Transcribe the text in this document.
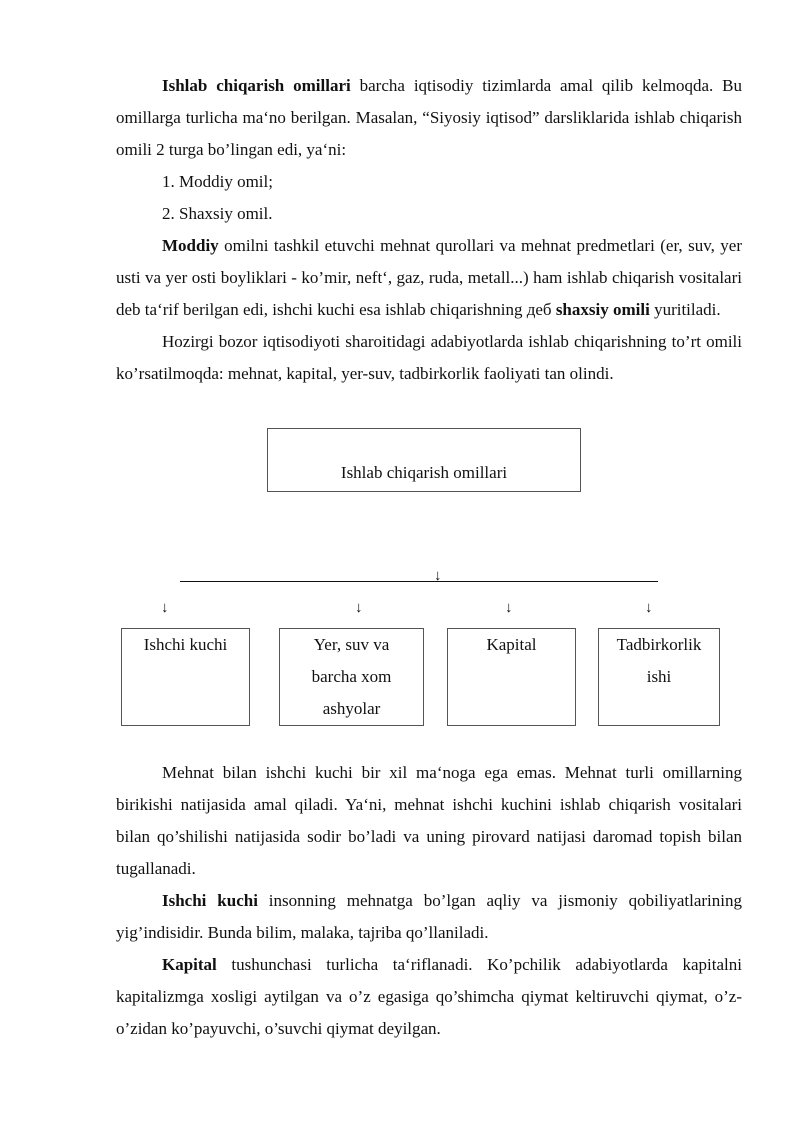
Ishlab chiqarish omillari barcha iqtisodiy tizimlarda amal qilib kelmoqda. Bu omillarga turlicha ma‘no berilgan. Masalan, “Siyosiy iqtisod” darsliklarida ishlab chiqarish omili 2 turga bo’lingan edi, ya‘ni:

1. Moddiy omil;

2. Shaxsiy omil.

Moddiy omilni tashkil etuvchi mehnat qurollari va mehnat predmetlari (er, suv, yer usti va yer osti boyliklari - ko’mir, neft‘, gaz, ruda, metall...) ham ishlab chiqarish vositalari deb ta‘rif berilgan edi, ishchi kuchi esa ishlab chiqarishning деб shaxsiy omili yuritiladi.

Hozirgi bozor iqtisodiyoti sharoitidagi adabiyotlarda ishlab chiqarishning to’rt omili ko’rsatilmoqda: mehnat, kapital, yer-suv, tadbirkorlik faoliyati tan olindi.

Ishlab chiqarish omillari
↓
↓	↓	↓	↓
Ishchi kuchi	Yer, suv va
barcha xom
ashyolar
Kapital	Tadbirkorlik
ishi

Mehnat bilan ishchi kuchi bir xil ma‘noga ega emas. Mehnat turli omillarning birikishi natijasida amal qiladi. Ya‘ni, mehnat ishchi kuchini ishlab chiqarish vositalari bilan qo’shilishi natijasida sodir bo’ladi va uning pirovard natijasi daromad topish bilan tugallanadi.

Ishchi kuchi insonning mehnatga bo’lgan aqliy va jismoniy qobiliyatlarining yig’indisidir. Bunda bilim, malaka, tajriba qo’llaniladi.

Kapital tushunchasi turlicha ta‘riflanadi. Ko’pchilik adabiyotlarda kapitalni kapitalizmga xosligi aytilgan va o’z egasiga qo’shimcha qiymat keltiruvchi qiymat, o’z-o’zidan ko’payuvchi, o’suvchi qiymat deyilgan.
